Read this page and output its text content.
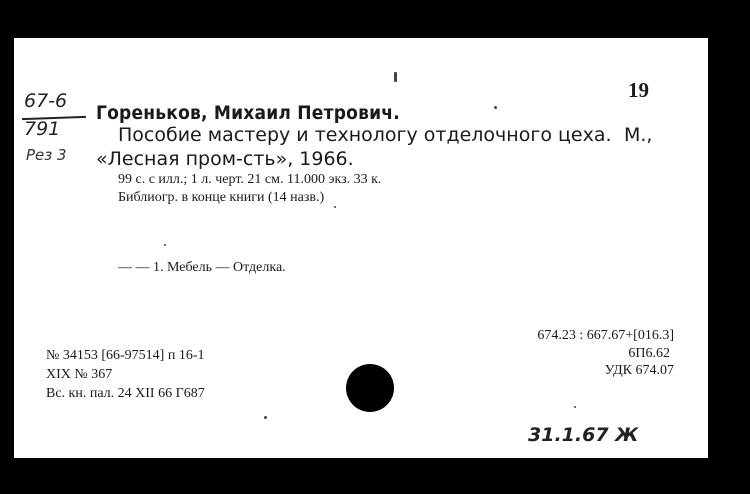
67-6
791
Рез 3
19
Гореньков, Михаил Петрович.
Пособие мастеру и технологу отделочного цеха. М.,
«Лесная пром-сть», 1966.
99 с. с илл.; 1 л. черт. 21 см. 11.000 экз. 33 к.
Библиогр. в конце книги (14 назв.)
— — 1. Мебель — Отделка.
674.23 : 667.67+[016.3]
6П6.62
УДК 674.07
№ 34153 [66-97514] п 16-1
XIX № 367
Вс. кн. пал. 24 XII 66 Г687
31.1.67 Ж
